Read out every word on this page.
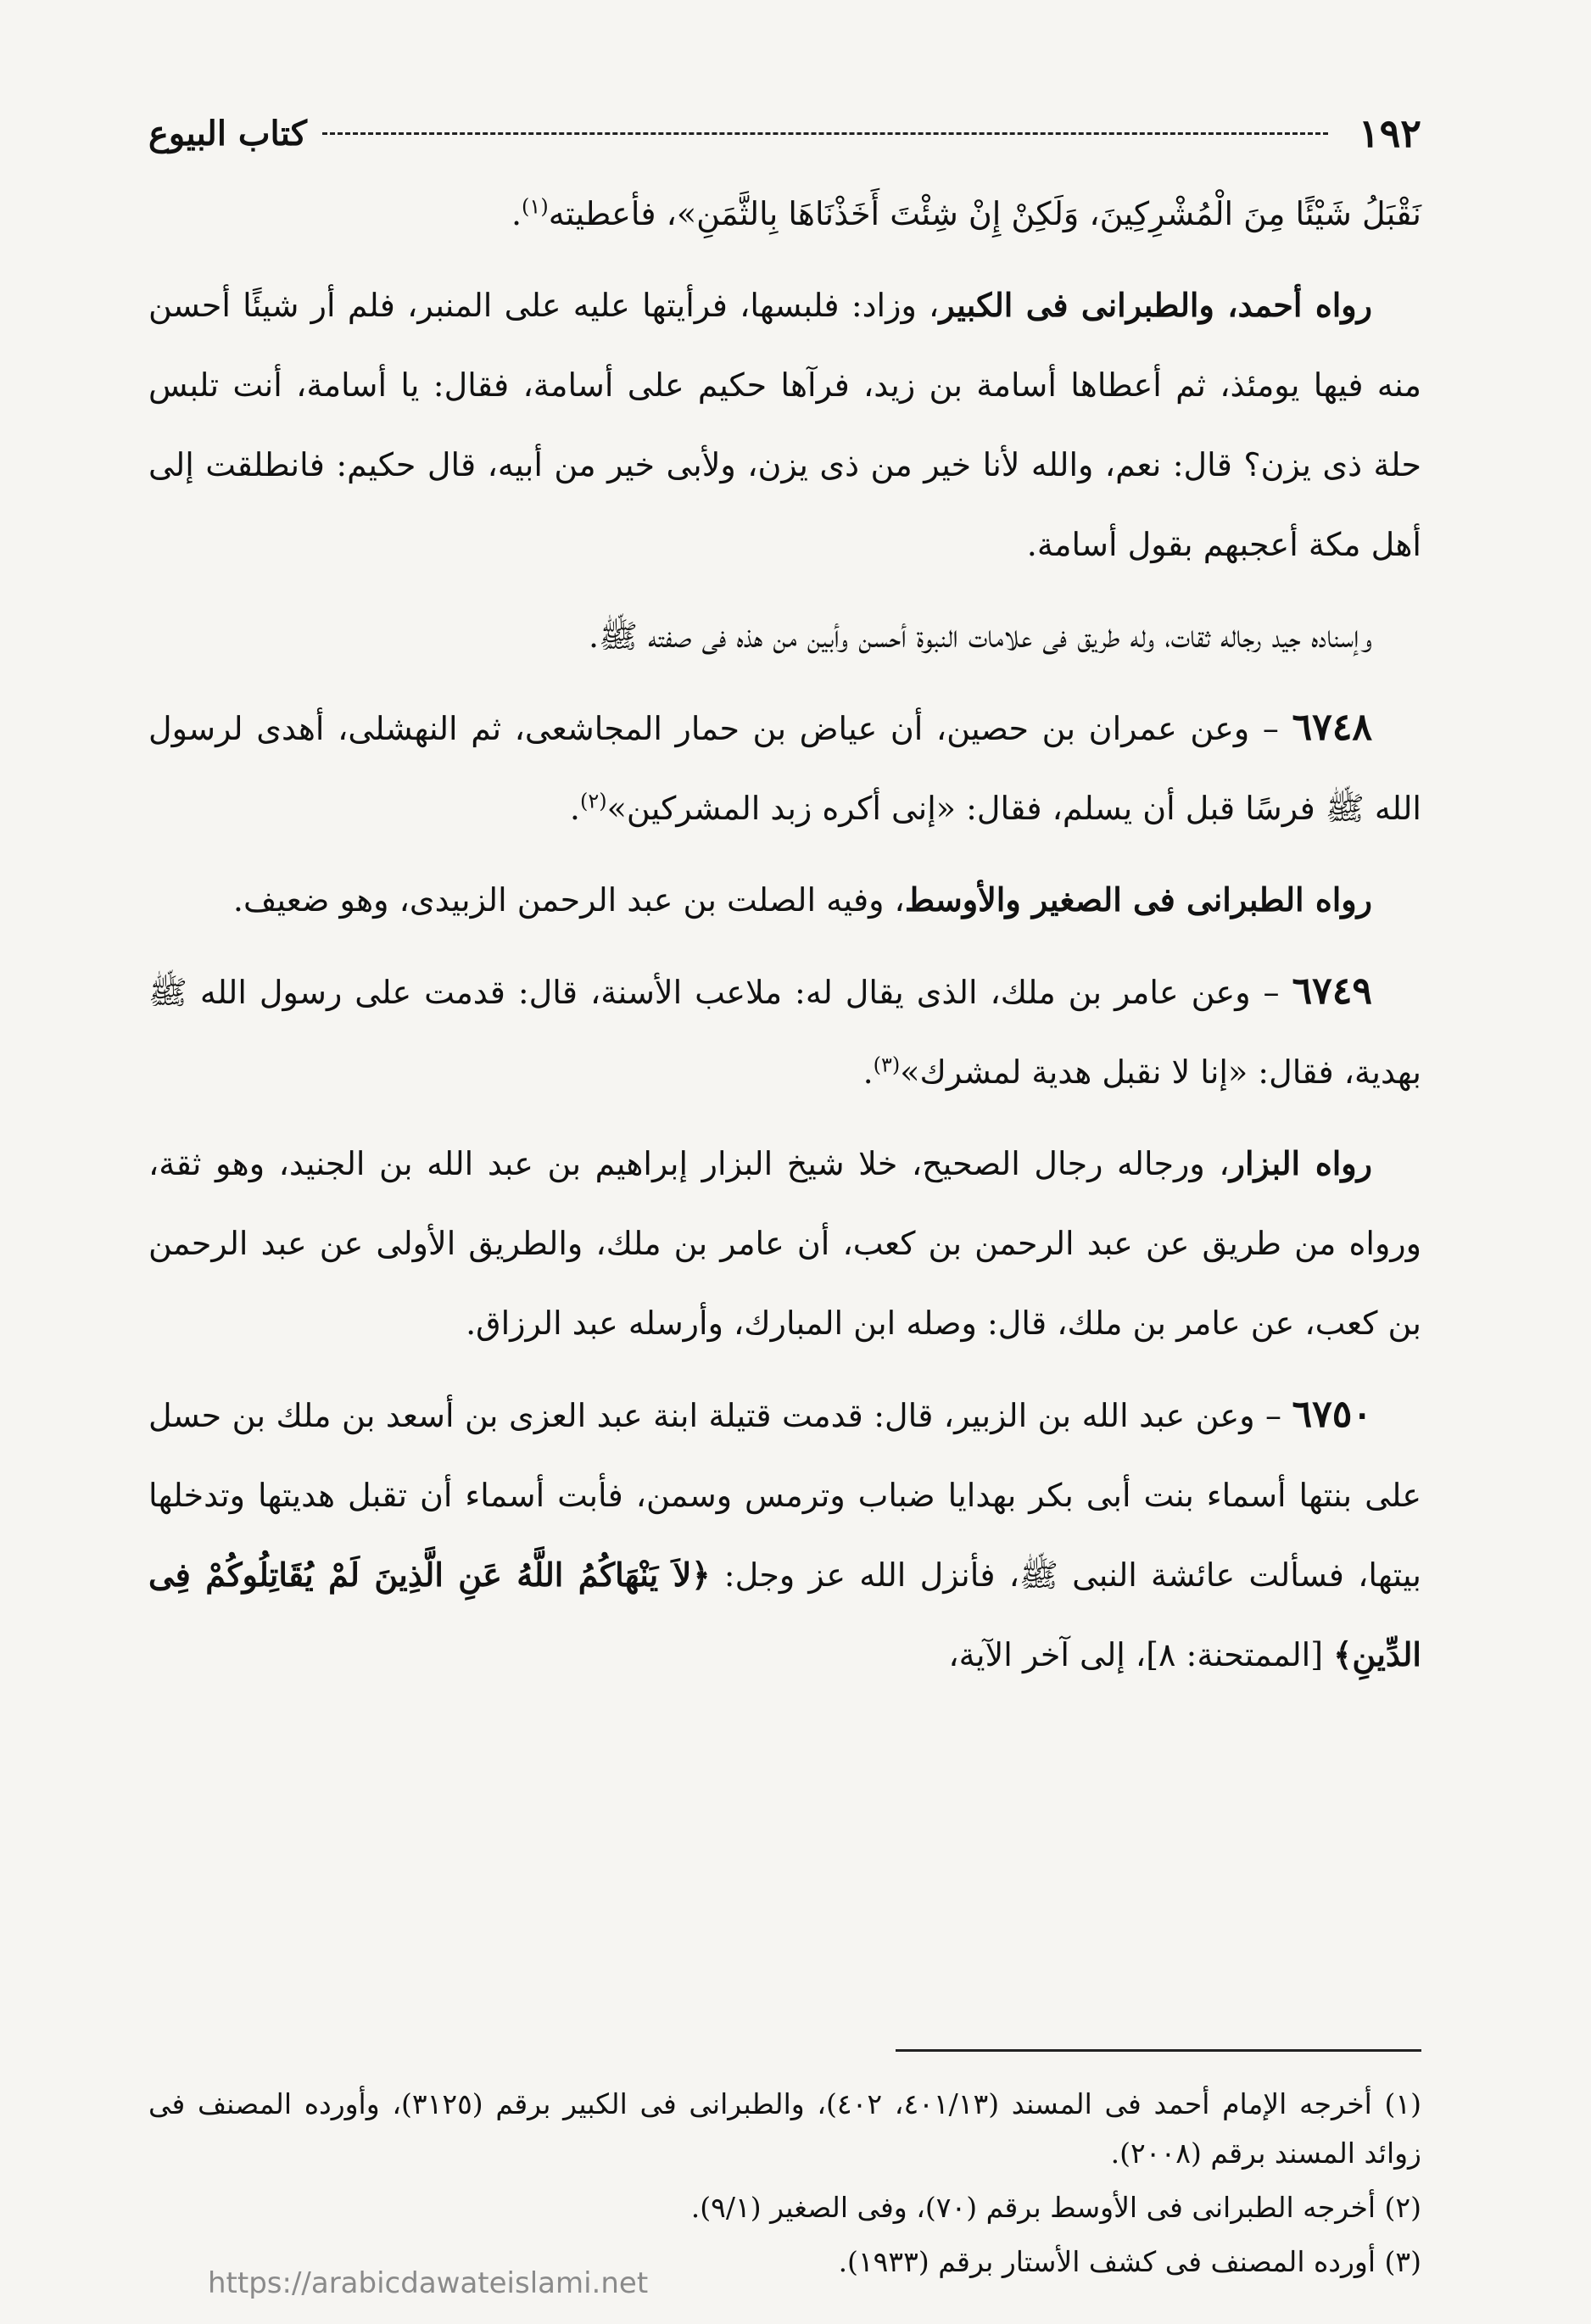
١٩٢
كتاب البيوع

نَقْبَلُ شَيْئًا مِنَ الْمُشْرِكِينَ، وَلَكِنْ إِنْ شِئْتَ أَخَذْنَاهَا بِالثَّمَنِ»، فأعطيته$^{(١)}$.

رواه أحمد، والطبرانى فى الكبير، وزاد: فلبسها، فرأيتها عليه على المنبر، فلم أر شيئًا أحسن منه فيها يومئذ، ثم أعطاها أسامة بن زيد، فرآها حكيم على أسامة، فقال: يا أسامة، أنت تلبس حلة ذى يزن؟ قال: نعم، والله لأنا خير من ذى يزن، ولأبى خير من أبيه، قال حكيم: فانطلقت إلى أهل مكة أعجبهم بقول أسامة.

وإسناده جيد رجاله ثقات، وله طريق فى علامات النبوة أحسن وأبين من هذه فى صفته ﷺ.

٦٧٤٨ – وعن عمران بن حصين، أن عياض بن حمار المجاشعى، ثم النهشلى، أهدى لرسول الله ﷺ فرسًا قبل أن يسلم، فقال: «إنى أكره زبد المشركين»$^{(٢)}$.

رواه الطبرانى فى الصغير والأوسط، وفيه الصلت بن عبد الرحمن الزبيدى، وهو ضعيف.

٦٧٤٩ – وعن عامر بن ملك، الذى يقال له: ملاعب الأسنة، قال: قدمت على رسول الله ﷺ بهدية، فقال: «إنا لا نقبل هدية لمشرك»$^{(٣)}$.

رواه البزار، ورجاله رجال الصحيح، خلا شيخ البزار إبراهيم بن عبد الله بن الجنيد، وهو ثقة، ورواه من طريق عن عبد الرحمن بن كعب، أن عامر بن ملك، والطريق الأولى عن عبد الرحمن بن كعب، عن عامر بن ملك، قال: وصله ابن المبارك، وأرسله عبد الرزاق.

٦٧٥٠ – وعن عبد الله بن الزبير، قال: قدمت قتيلة ابنة عبد العزى بن أسعد بن ملك بن حسل على بنتها أسماء بنت أبى بكر بهدايا ضباب وترمس وسمن، فأبت أسماء أن تقبل هديتها وتدخلها بيتها، فسألت عائشة النبى ﷺ، فأنزل الله عز وجل: ﴿لاَ يَنْهَاكُمُ اللَّهُ عَنِ الَّذِينَ لَمْ يُقَاتِلُوكُمْ فِى الدِّينِ﴾ [الممتحنة: ٨]، إلى آخر الآية،

(١) أخرجه الإمام أحمد فى المسند (٤٠١/١٣، ٤٠٢)، والطبرانى فى الكبير برقم (٣١٢٥)، وأورده المصنف فى زوائد المسند برقم (٢٠٠٨).

(٢) أخرجه الطبرانى فى الأوسط برقم (٧٠)، وفى الصغير (٩/١).

(٣) أورده المصنف فى كشف الأستار برقم (١٩٣٣).

https://arabicdawateislami.net
